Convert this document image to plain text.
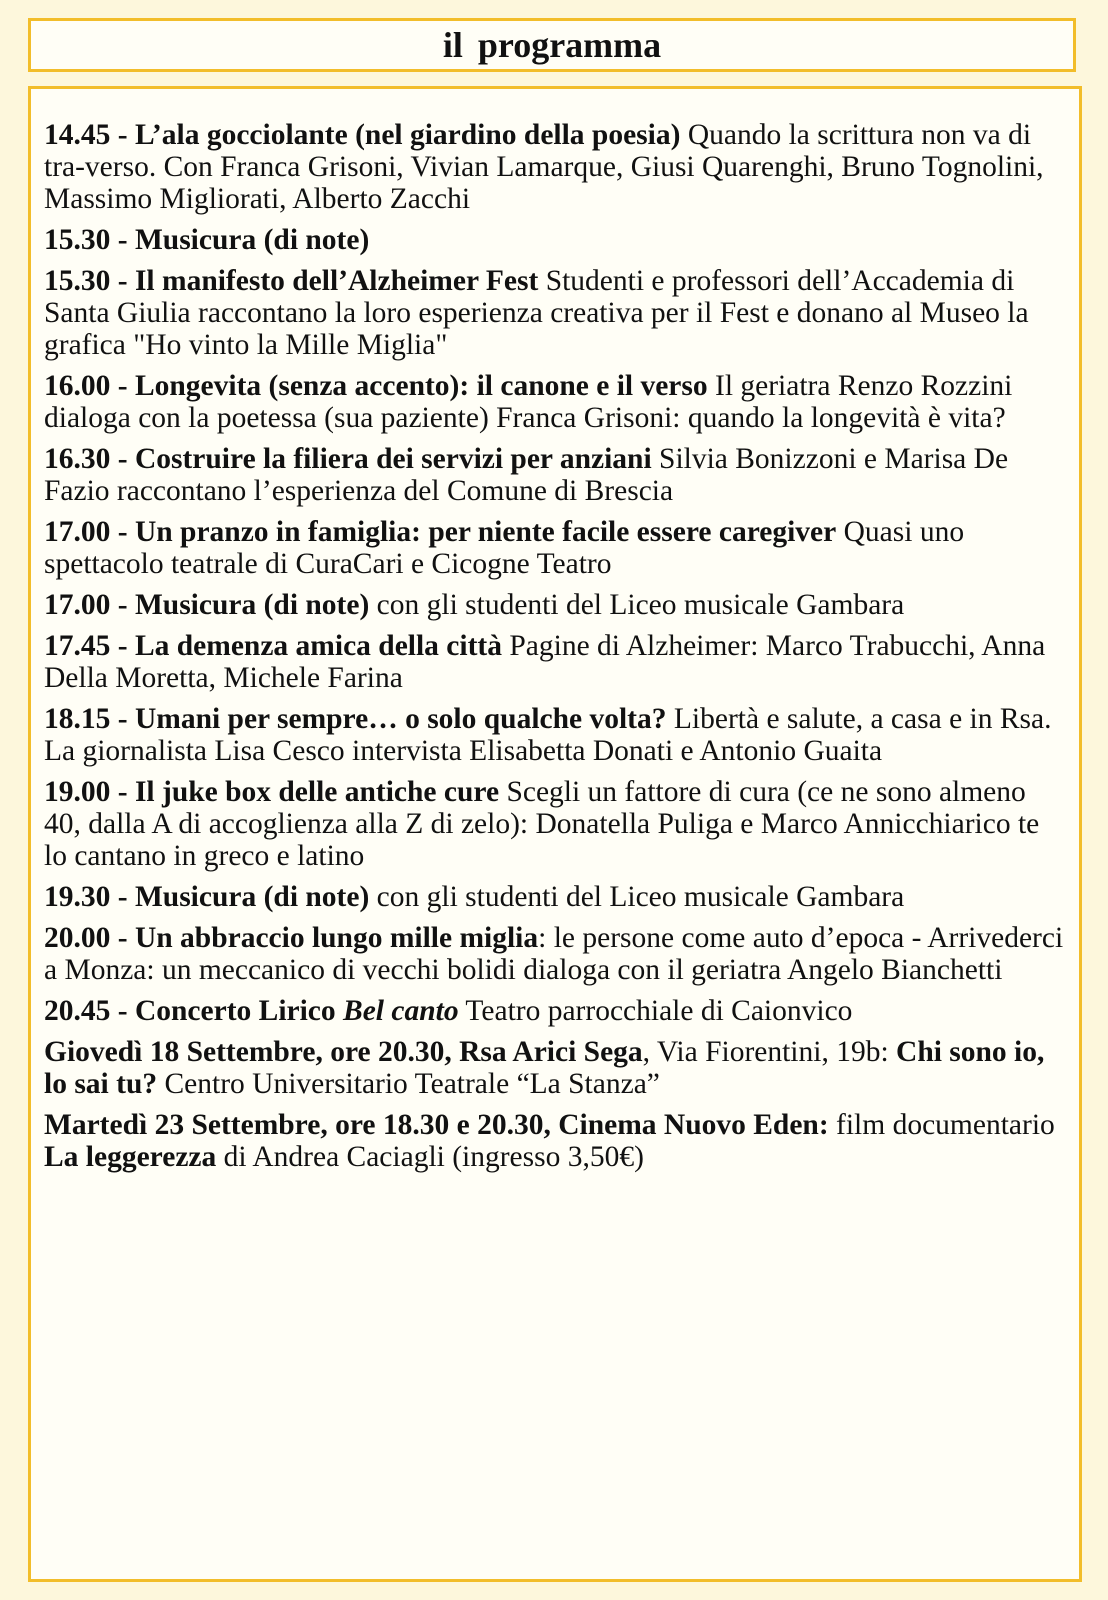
il programma
14.45 - L’ala gocciolante (nel giardino della poesia) Quando la scrittura non va di tra-verso. Con Franca Grisoni, Vivian Lamarque, Giusi Quarenghi, Bruno Tognolini, Massimo Migliorati, Alberto Zacchi
15.30 - Musicura (di note)
15.30 - Il manifesto dell’Alzheimer Fest Studenti e professori dell’Accademia di Santa Giulia raccontano la loro esperienza creativa per il Fest e donano al Museo la grafica "Ho vinto la Mille Miglia"
16.00 - Longevita (senza accento): il canone e il verso Il geriatra Renzo Rozzini dialoga con la poetessa (sua paziente) Franca Grisoni: quando la longevità è vita?
16.30 - Costruire la filiera dei servizi per anziani Silvia Bonizzoni e Marisa De Fazio raccontano l’esperienza del Comune di Brescia
17.00 - Un pranzo in famiglia: per niente facile essere caregiver Quasi uno spettacolo teatrale di CuraCari e Cicogne Teatro
17.00 - Musicura (di note) con gli studenti del Liceo musicale Gambara
17.45 - La demenza amica della città Pagine di Alzheimer: Marco Trabucchi, Anna Della Moretta, Michele Farina
18.15 - Umani per sempre… o solo qualche volta? Libertà e salute, a casa e in Rsa. La giornalista Lisa Cesco intervista Elisabetta Donati e Antonio Guaita
19.00 - Il juke box delle antiche cure Scegli un fattore di cura (ce ne sono almeno 40, dalla A di accoglienza alla Z di zelo): Donatella Puliga e Marco Annicchiarico te lo cantano in greco e latino
19.30 - Musicura (di note) con gli studenti del Liceo musicale Gambara
20.00 - Un abbraccio lungo mille miglia: le persone come auto d’epoca - Arrivederci a Monza: un meccanico di vecchi bolidi dialoga con il geriatra Angelo Bianchetti
20.45 - Concerto Lirico Bel canto Teatro parrocchiale di Caionvico
Giovedì 18 Settembre, ore 20.30, Rsa Arici Sega, Via Fiorentini, 19b: Chi sono io, lo sai tu? Centro Universitario Teatrale “La Stanza”
Martedì 23 Settembre, ore 18.30 e 20.30, Cinema Nuovo Eden: film documentario La leggerezza di Andrea Caciagli (ingresso 3,50€)
